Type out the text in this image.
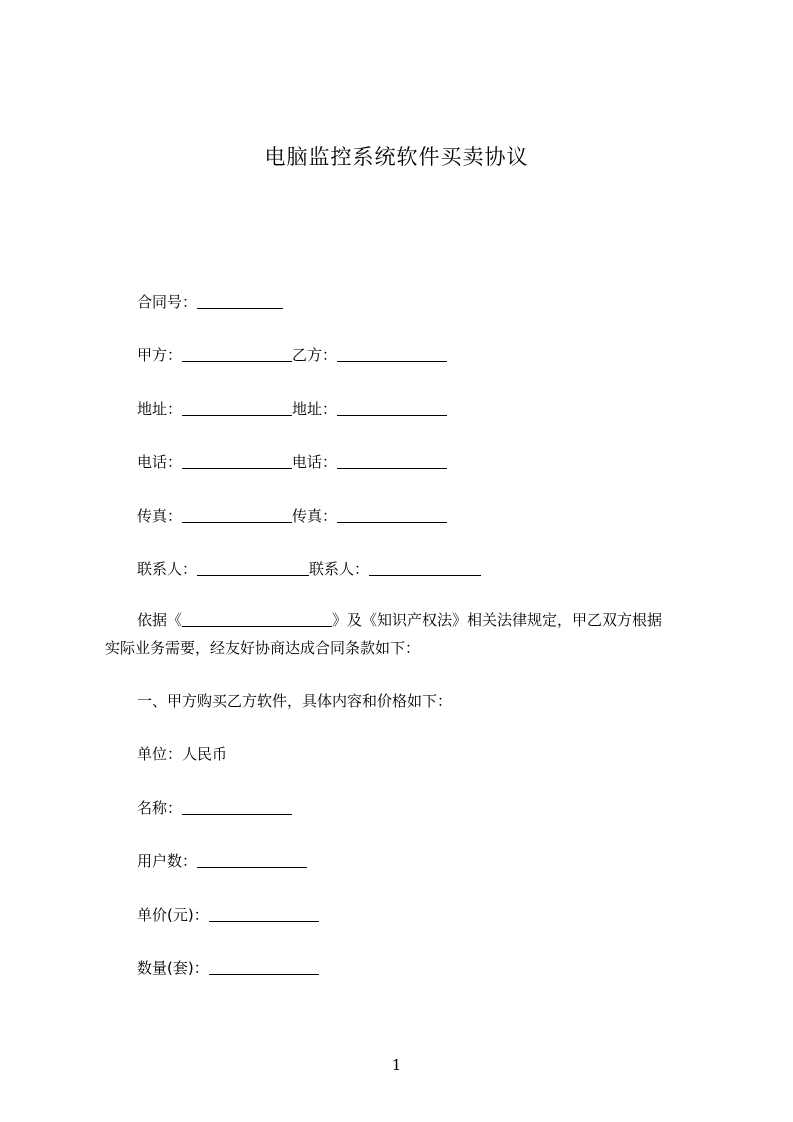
电脑监控系统软件买卖协议
合同号：
甲方：	乙方：
地址：	地址：
电话：	电话：
传真：	传真：
联系人：	联系人：
依据《	》及《知识产权法》相关法律规定，甲乙双方根据
实际业务需要，经友好协商达成合同条款如下：
一、甲方购买乙方软件，具体内容和价格如下：
单位：人民币
名称：
用户数：
单价(元)：
数量(套)：
1
